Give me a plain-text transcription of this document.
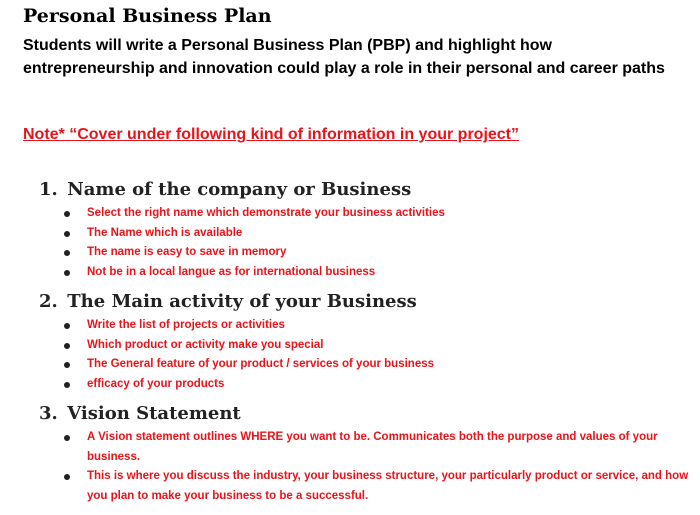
Personal Business Plan

Students will write a Personal Business Plan (PBP) and highlight how entrepreneurship and innovation could play a role in their personal and career paths

Note* “Cover under following kind of information in your project”

1. Name of the company or Business
Select the right name which demonstrate your business activities
The Name which is available
The name is easy to save in memory
Not be in a local langue as for international business
2. The Main activity of your Business
Write the list of projects or activities
Which product or activity make you special
The General feature of your product / services of your business
efficacy of your products
3. Vision Statement
A Vision statement outlines WHERE you want to be. Communicates both the purpose and values of your business.
This is where you discuss the industry, your business structure, your particularly product or service, and how you plan to make your business to be a successful.
